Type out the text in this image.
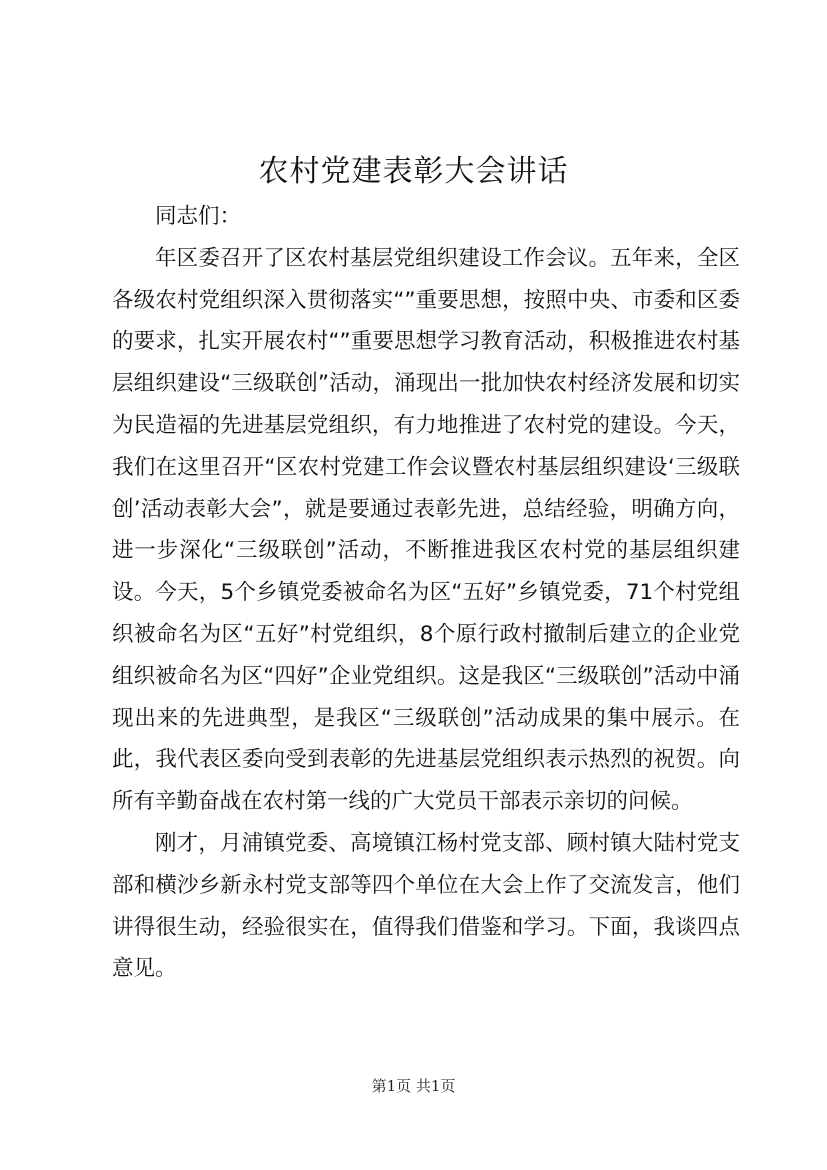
农村党建表彰大会讲话

同志们：

年区委召开了区农村基层党组织建设工作会议。五年来，全区各级农村党组织深入贯彻落实“”重要思想，按照中央、市委和区委的要求，扎实开展农村“”重要思想学习教育活动，积极推进农村基层组织建设“三级联创”活动，涌现出一批加快农村经济发展和切实为民造福的先进基层党组织，有力地推进了农村党的建设。今天，我们在这里召开“区农村党建工作会议暨农村基层组织建设‘三级联创’活动表彰大会”，就是要通过表彰先进，总结经验，明确方向，进一步深化“三级联创”活动，不断推进我区农村党的基层组织建设。今天，5个乡镇党委被命名为区“五好”乡镇党委，71个村党组织被命名为区“五好”村党组织，8个原行政村撤制后建立的企业党组织被命名为区“四好”企业党组织。这是我区“三级联创”活动中涌现出来的先进典型，是我区“三级联创”活动成果的集中展示。在此，我代表区委向受到表彰的先进基层党组织表示热烈的祝贺。向所有辛勤奋战在农村第一线的广大党员干部表示亲切的问候。

刚才，月浦镇党委、高境镇江杨村党支部、顾村镇大陆村党支部和横沙乡新永村党支部等四个单位在大会上作了交流发言，他们讲得很生动，经验很实在，值得我们借鉴和学习。下面，我谈四点意见。

第1页 共1页
